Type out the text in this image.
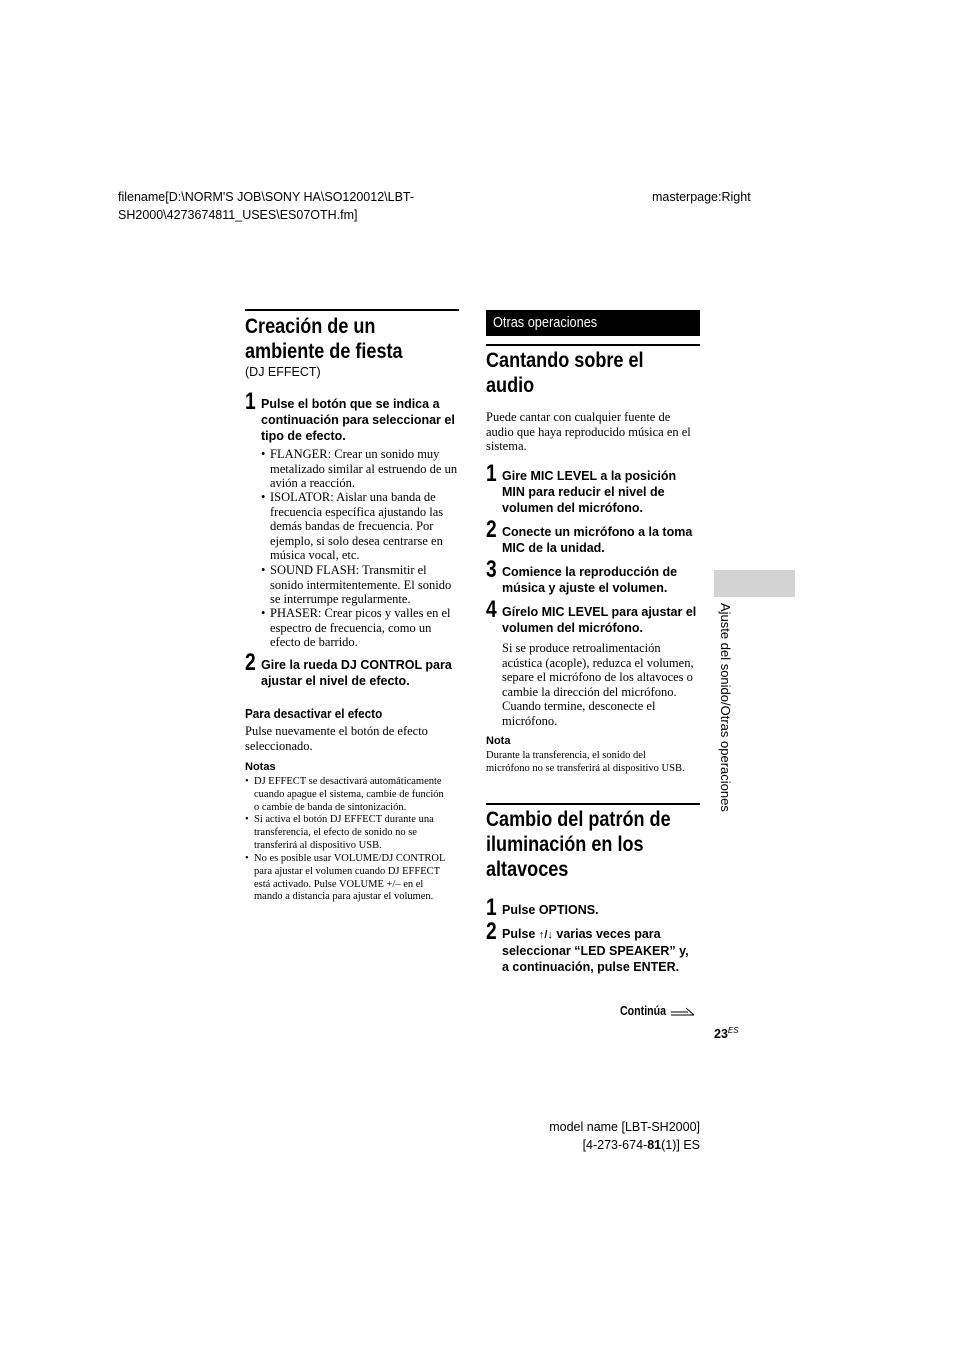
filename[D:\NORM'S JOB\SONY HA\SO120012\LBT-
SH2000\4273674811_USES\ES07OTH.fm]
masterpage:Right
Creación de un
ambiente de fiesta
(DJ EFFECT)
1 Pulse el botón que se indica a
continuación para seleccionar el
tipo de efecto.
• FLANGER: Crear un sonido muy
metalizado similar al estruendo de un
avión a reacción.
• ISOLATOR: Aislar una banda de
frecuencia específica ajustando las
demás bandas de frecuencia. Por
ejemplo, si solo desea centrarse en
música vocal, etc.
• SOUND FLASH: Transmitir el
sonido intermitentemente. El sonido
se interrumpe regularmente.
• PHASER: Crear picos y valles en el
espectro de frecuencia, como un
efecto de barrido.
2 Gire la rueda DJ CONTROL para
ajustar el nivel de efecto.
Para desactivar el efecto
Pulse nuevamente el botón de efecto
seleccionado.
Notas
• DJ EFFECT se desactivará automáticamente
cuando apague el sistema, cambie de función
o cambie de banda de sintonización.
• Si activa el botón DJ EFFECT durante una
transferencia, el efecto de sonido no se
transferirá al dispositivo USB.
• No es posible usar VOLUME/DJ CONTROL
para ajustar el volumen cuando DJ EFFECT
está activado. Pulse VOLUME +/– en el
mando a distancia para ajustar el volumen.
Otras operaciones
Cantando sobre el
audio
Puede cantar con cualquier fuente de
audio que haya reproducido música en el
sistema.
1 Gire MIC LEVEL a la posición
MIN para reducir el nivel de
volumen del micrófono.
2 Conecte un micrófono a la toma
MIC de la unidad.
3 Comience la reproducción de
música y ajuste el volumen.
4 Gírelo MIC LEVEL para ajustar el
volumen del micrófono.
Si se produce retroalimentación
acústica (acople), reduzca el volumen,
separe el micrófono de los altavoces o
cambie la dirección del micrófono.
Cuando termine, desconecte el
micrófono.
Nota
Durante la transferencia, el sonido del
micrófono no se transferirá al dispositivo USB.
Cambio del patrón de
iluminación en los
altavoces
1 Pulse OPTIONS.
2 Pulse ↑/↓ varias veces para
seleccionar “LED SPEAKER” y,
a continuación, pulse ENTER.
Continúa
Ajuste del sonido/Otras operaciones
$23^{ES}$
model name [LBT-SH2000]
[4-273-674-81(1)] ES
